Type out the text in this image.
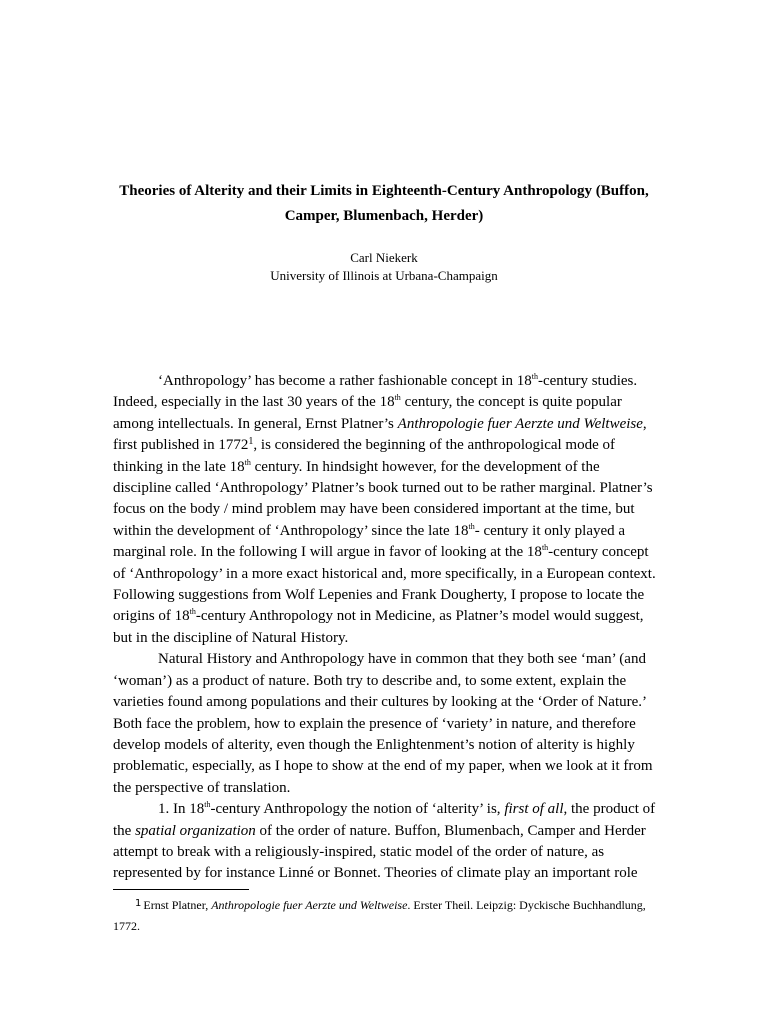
Theories of Alterity and their Limits in Eighteenth-Century Anthropology (Buffon, Camper, Blumenbach, Herder)
Carl Niekerk
University of Illinois at Urbana-Champaign

‘Anthropology’ has become a rather fashionable concept in 18th-century studies. Indeed, especially in the last 30 years of the 18th century, the concept is quite popular among intellectuals. In general, Ernst Platner’s Anthropologie fuer Aerzte und Weltweise, first published in 1772$^1$, is considered the beginning of the anthropological mode of thinking in the late 18th century. In hindsight however, for the development of the discipline called ‘Anthropology’ Platner’s book turned out to be rather marginal. Platner’s focus on the body / mind problem may have been considered important at the time, but within the development of ‘Anthropology’ since the late 18th- century it only played a marginal role. In the following I will argue in favor of looking at the 18th-century concept of ‘Anthropology’ in a more exact historical and, more specifically, in a European context. Following suggestions from Wolf Lepenies and Frank Dougherty, I propose to locate the origins of 18th-century Anthropology not in Medicine, as Platner’s model would suggest, but in the discipline of Natural History.

Natural History and Anthropology have in common that they both see ‘man’ (and ‘woman’) as a product of nature. Both try to describe and, to some extent, explain the varieties found among populations and their cultures by looking at the ‘Order of Nature.’ Both face the problem, how to explain the presence of ‘variety’ in nature, and therefore develop models of alterity, even though the Enlightenment’s notion of alterity is highly problematic, especially, as I hope to show at the end of my paper, when we look at it from the perspective of translation.

1. In 18th-century Anthropology the notion of ‘alterity’ is, first of all, the product of the spatial organization of the order of nature. Buffon, Blumenbach, Camper and Herder attempt to break with a religiously-inspired, static model of the order of nature, as represented by for instance Linné or Bonnet. Theories of climate play an important role

$^1$ Ernst Platner, Anthropologie fuer Aerzte und Weltweise. Erster Theil. Leipzig: Dyckische Buchhandlung, 1772.
